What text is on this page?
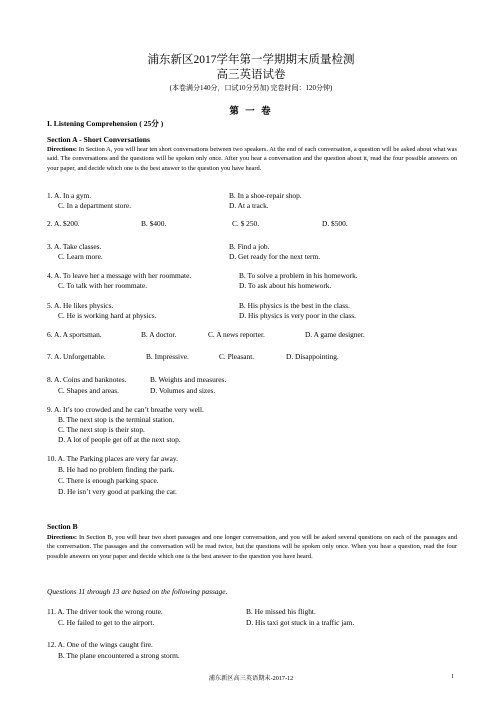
浦东新区2017学年第一学期期末质量检测
高三英语试卷
(本卷满分140分，口试10分另加) 完卷时间：120分钟)
第 一 卷
I. Listening Comprehension ( 25分 )
Section A - Short Conversations
Directions: In Section A, you will hear ten short conversations between two speakers. At the end of each conversation, a question will be asked about what was said. The conversations and the questions will be spoken only once. After you hear a conversation and the question about it, read the four possible answers on your paper, and decide which one is the best answer to the question you have heard.
1. A. In a gym.	B. In a shoe-repair shop.
C. In a department store.	D. At a track.
2. A. $200.	B. $400.	C. $ 250.	D. $500.
3. A. Take classes.	B. Find a job.
C. Learn more.	D. Get ready for the next term.
4. A. To leave her a message with her roommate.	B. To solve a problem in his homework.
C. To talk with her roommate.	D. To ask about his homework.
5. A. He likes physics.	B. His physics is the best in the class.
C. He is working hard at physics.	D. His physics is very poor in the class.
6. A. A sportsman.	B. A doctor.	C. A news reporter.	D. A game designer.
7. A. Unforgettable.	B. Impressive.	C. Pleasant.	D. Disappointing.
8. A. Coins and banknotes.	B. Weights and measures.
C. Shapes and areas.	D. Volumes and sizes.
9. A. It’s too crowded and he can’t breathe very well.
B. The next stop is the terminal station.
C. The next stop is their stop.
D. A lot of people get off at the next stop.
10. A. The Parking places are very far away.
B. He had no problem finding the park.
C. There is enough parking space.
D. He isn’t very good at parking the car.
Section B
Directions: In Section B, you will hear two short passages and one longer conversation, and you will be asked several questions on each of the passages and the conversation. The passages and the conversation will be read twice, but the questions will be spoken only once. When you hear a question, read the four possible answers on your paper and decide which one is the best answer to the question you have heard.
Questions 11 through 13 are based on the following passage.
11. A. The driver took the wrong route.	B. He missed his flight.
C. He failed to get to the airport.	D. His taxi got stuck in a traffic jam.
12. A. One of the wings caught fire.
B. The plane encountered a strong storm.
浦东新区高三英语期末-2017-12	1
